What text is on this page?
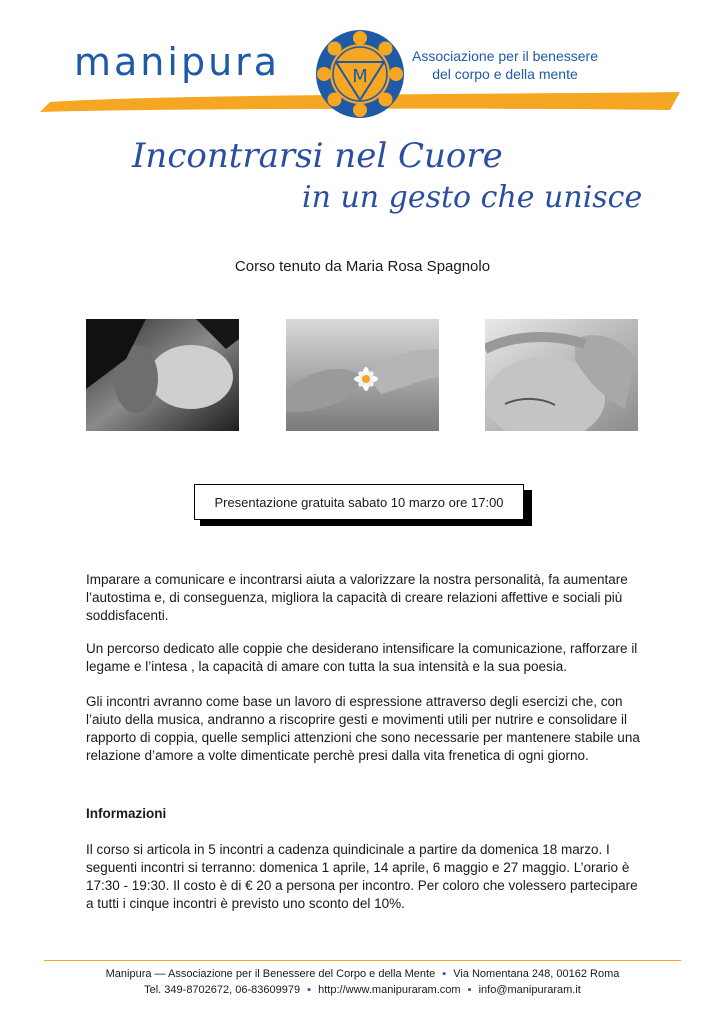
manipura	Associazione per il benessere
del corpo e della mente
M
Incontrarsi nel Cuore
in un gesto che unisce
Corso tenuto da Maria Rosa Spagnolo
Presentazione gratuita sabato 10 marzo ore 17:00

Imparare a comunicare e incontrarsi aiuta a valorizzare la nostra personalità, fa aumentare l’autostima e, di conseguenza, migliora la capacità di creare relazioni affettive e sociali più soddisfacenti.

Un percorso dedicato alle coppie che desiderano intensificare la comunicazione, rafforzare il legame e l’intesa , la capacità di amare con tutta la sua intensità e la sua poesia.

Gli incontri avranno come base un lavoro di espressione attraverso degli esercizi che, con l’aiuto della musica, andranno a riscoprire gesti e movimenti utili per nutrire e consolidare il rapporto di coppia, quelle semplici attenzioni che sono necessarie per mantenere stabile una relazione d’amore a volte dimenticate perchè presi dalla vita frenetica di ogni giorno.

Informazioni

Il corso si articola in 5 incontri a cadenza quindicinale a partire da domenica 18 marzo. I seguenti incontri si terranno: domenica 1 aprile, 14 aprile, 6 maggio e 27 maggio. L’orario è 17:30 - 19:30. Il costo è di € 20 a persona per incontro. Per coloro che volessero partecipare a tutti i cinque incontri è previsto uno sconto del 10%.

Manipura — Associazione per il Benessere del Corpo e della Mente ▪ Via Nomentana 248, 00162 Roma
Tel. 349-8702672, 06-83609979 ▪ http://www.manipuraram.com ▪ info@manipuraram.it
